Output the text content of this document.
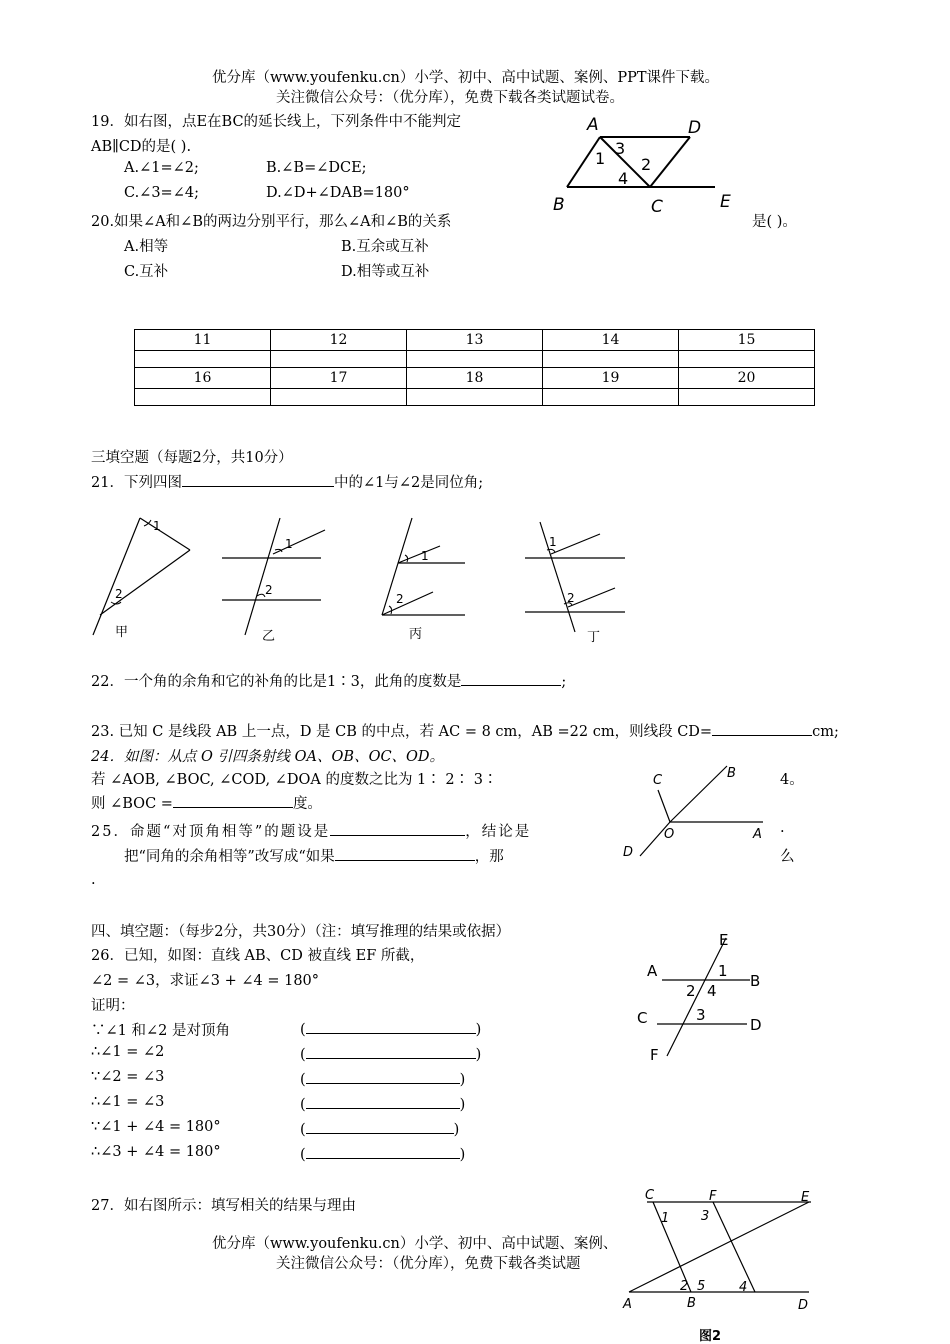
优分库（www.youfenku.cn）小学、初中、高中试题、案例、PPT课件下载。
关注微信公众号：（优分库），免费下载各类试题试卷。
19．如右图，点E在BC的延长线上，下列条件中不能判定
AB∥CD的是( ).
A.∠1=∠2;	B.∠B=∠DCE;
C.∠3=∠4;	D.∠D+∠DAB=180°
A	D
B	C	E
1
3
2
4
20.如果∠A和∠B的两边分别平行，那么∠A和∠B的关系	是( )。
A.相等	B.互余或互补
C.互补	D.相等或互补
11	12	13	14	15

16	17	18	19	20

三填空题（每题2分，共10分）
21．下列四图	中的∠1与∠2是同位角;
1
2
甲
1
2
乙
1
2
丙
1
2
丁
22．一个角的余角和它的补角的比是1∶3，此角的度数是	;
23. 已知 C 是线段 AB 上一点，D 是 CB 的中点，若 AC = 8 cm，AB =22 cm，则线段 CD=	cm;
24．如图：从点 O 引四条射线 OA、OB、OC、OD。
若 ∠AOB, ∠BOC, ∠COD, ∠DOA 的度数之比为 1∶ 2∶ 3∶	4。
则 ∠BOC =	度。
C	B
O	A
D
25．命题“对顶角相等”的题设是	，结论是	.
把“同角的余角相等”改写成“如果	，那	么
.
四、填空题：（每步2分，共30分）（注：填写推理的结果或依据）
26．已知，如图：直线 AB、CD 被直线 EF 所截，
∠2 = ∠3，求证∠3 + ∠4 = 180°
证明：
∵∠1 和∠2 是对顶角	(	)
∴∠1 = ∠2	(	)
∵∠2 = ∠3	(	)
∴∠1 = ∠3	(	)
∵∠1 + ∠4 = 180°	(	)
∴∠3 + ∠4 = 180°	(	)
E
A
B
C	D
F
1
2 4
3
27．如右图所示：填写相关的结果与理由
C	F	E
A	B	D
1 3
2 5	4
图2
优分库（www.youfenku.cn）小学、初中、高中试题、案例、
关注微信公众号：（优分库），免费下载各类试题
